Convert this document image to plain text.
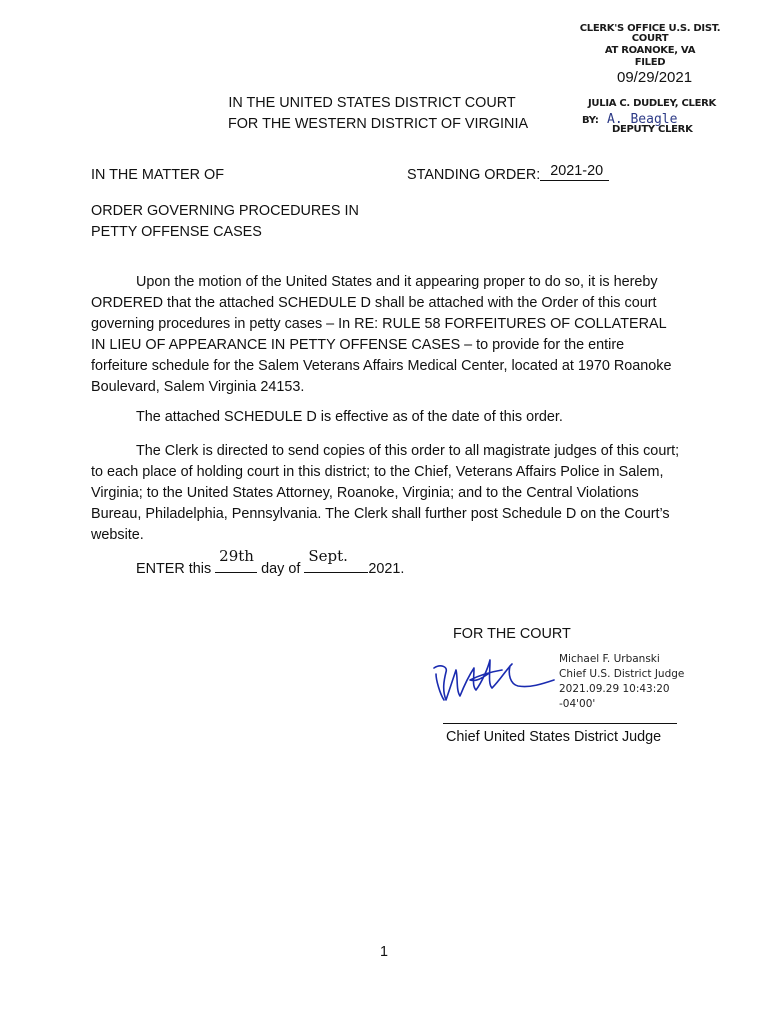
CLERK'S OFFICE U.S. DIST. COURT
AT ROANOKE, VA
FILED
09/29/2021
JULIA C. DUDLEY, CLERK
BY: A. Beagle
DEPUTY CLERK
IN THE UNITED STATES DISTRICT COURT
FOR THE WESTERN DISTRICT OF VIRGINIA
IN THE MATTER OF	STANDING ORDER: 2021-20
ORDER GOVERNING PROCEDURES IN
PETTY OFFENSE CASES
Upon the motion of the United States and it appearing proper to do so, it is hereby ORDERED that the attached SCHEDULE D shall be attached with the Order of this court governing procedures in petty cases – In RE: RULE 58 FORFEITURES OF COLLATERAL IN LIEU OF APPEARANCE IN PETTY OFFENSE CASES – to provide for the entire forfeiture schedule for the Salem Veterans Affairs Medical Center, located at 1970 Roanoke Boulevard, Salem Virginia 24153.
The attached SCHEDULE D is effective as of the date of this order.
The Clerk is directed to send copies of this order to all magistrate judges of this court; to each place of holding court in this district; to the Chief, Veterans Affairs Police in Salem, Virginia; to the United States Attorney, Roanoke, Virginia; and to the Central Violations Bureau, Philadelphia, Pennsylvania. The Clerk shall further post Schedule D on the Court’s website.
ENTER this
29th
day of
Sept.
2021.
FOR THE COURT
Michael F. Urbanski
Chief U.S. District Judge
2021.09.29 10:43:20
-04'00'
Chief United States District Judge
1
